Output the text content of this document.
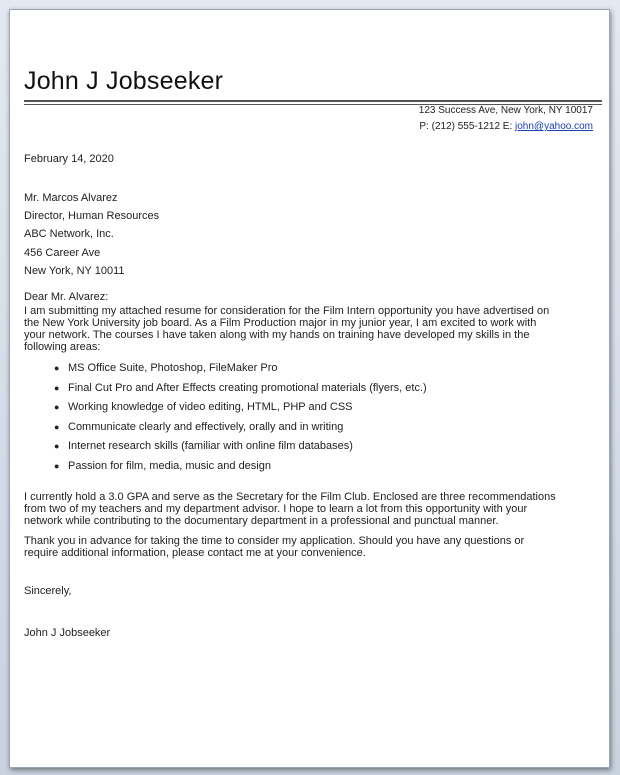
John J Jobseeker
123 Success Ave, New York, NY 10017
P: (212) 555-1212 E: john@yahoo.com
February 14, 2020
Mr. Marcos Alvarez
Director, Human Resources
ABC Network, Inc.
456 Career Ave
New York, NY 10011
Dear Mr. Alvarez:

I am submitting my attached resume for consideration for the Film Intern opportunity you have advertised on
the New York University job board. As a Film Production major in my junior year, I am excited to work with
your network. The courses I have taken along with my hands on training have developed my skills in the
following areas:

● MS Office Suite, Photoshop, FileMaker Pro
● Final Cut Pro and After Effects creating promotional materials (flyers, etc.)
● Working knowledge of video editing, HTML, PHP and CSS
● Communicate clearly and effectively, orally and in writing
● Internet research skills (familiar with online film databases)
● Passion for film, media, music and design

I currently hold a 3.0 GPA and serve as the Secretary for the Film Club. Enclosed are three recommendations
from two of my teachers and my department advisor. I hope to learn a lot from this opportunity with your
network while contributing to the documentary department in a professional and punctual manner.

Thank you in advance for taking the time to consider my application. Should you have any questions or
require additional information, please contact me at your convenience.

Sincerely,
John J Jobseeker
